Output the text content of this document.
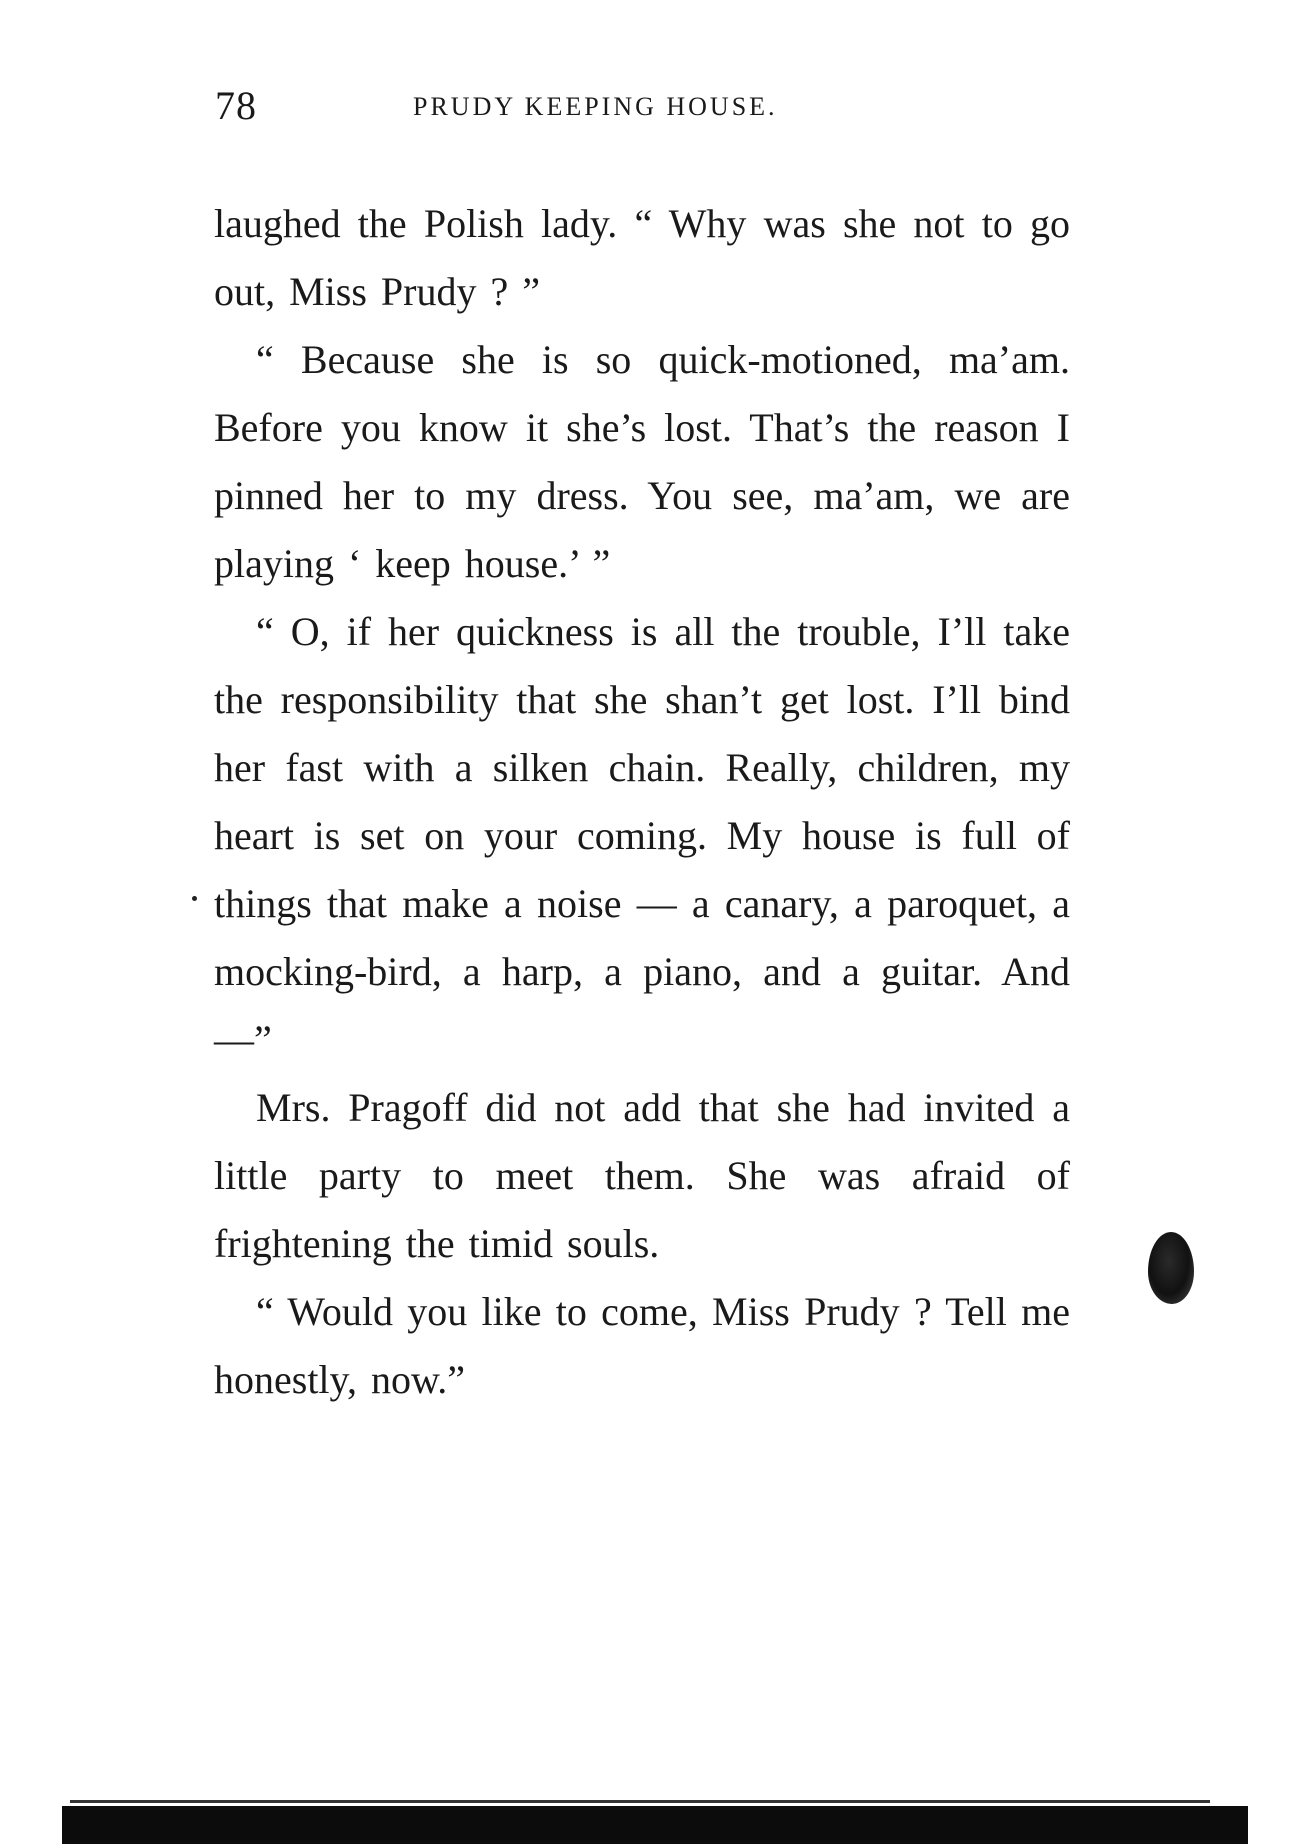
78	PRUDY KEEPING HOUSE.

laughed the Polish lady. “ Why was she not to go out, Miss Prudy ? ”

“ Because she is so quick-motioned, ma’am. Before you know it she’s lost. That’s the reason I pinned her to my dress. You see, ma’am, we are playing ‘ keep house.’ ”

“ O, if her quickness is all the trouble, I’ll take the responsibility that she shan’t get lost. I’ll bind her fast with a silken chain. Really, children, my heart is set on your coming. My house is full of things that make a noise — a canary, a paroquet, a mocking-bird, a harp, a piano, and a guitar. And—”

Mrs. Pragoff did not add that she had invited a little party to meet them. She was afraid of frightening the timid souls.

“ Would you like to come, Miss Prudy ? Tell me honestly, now.”
